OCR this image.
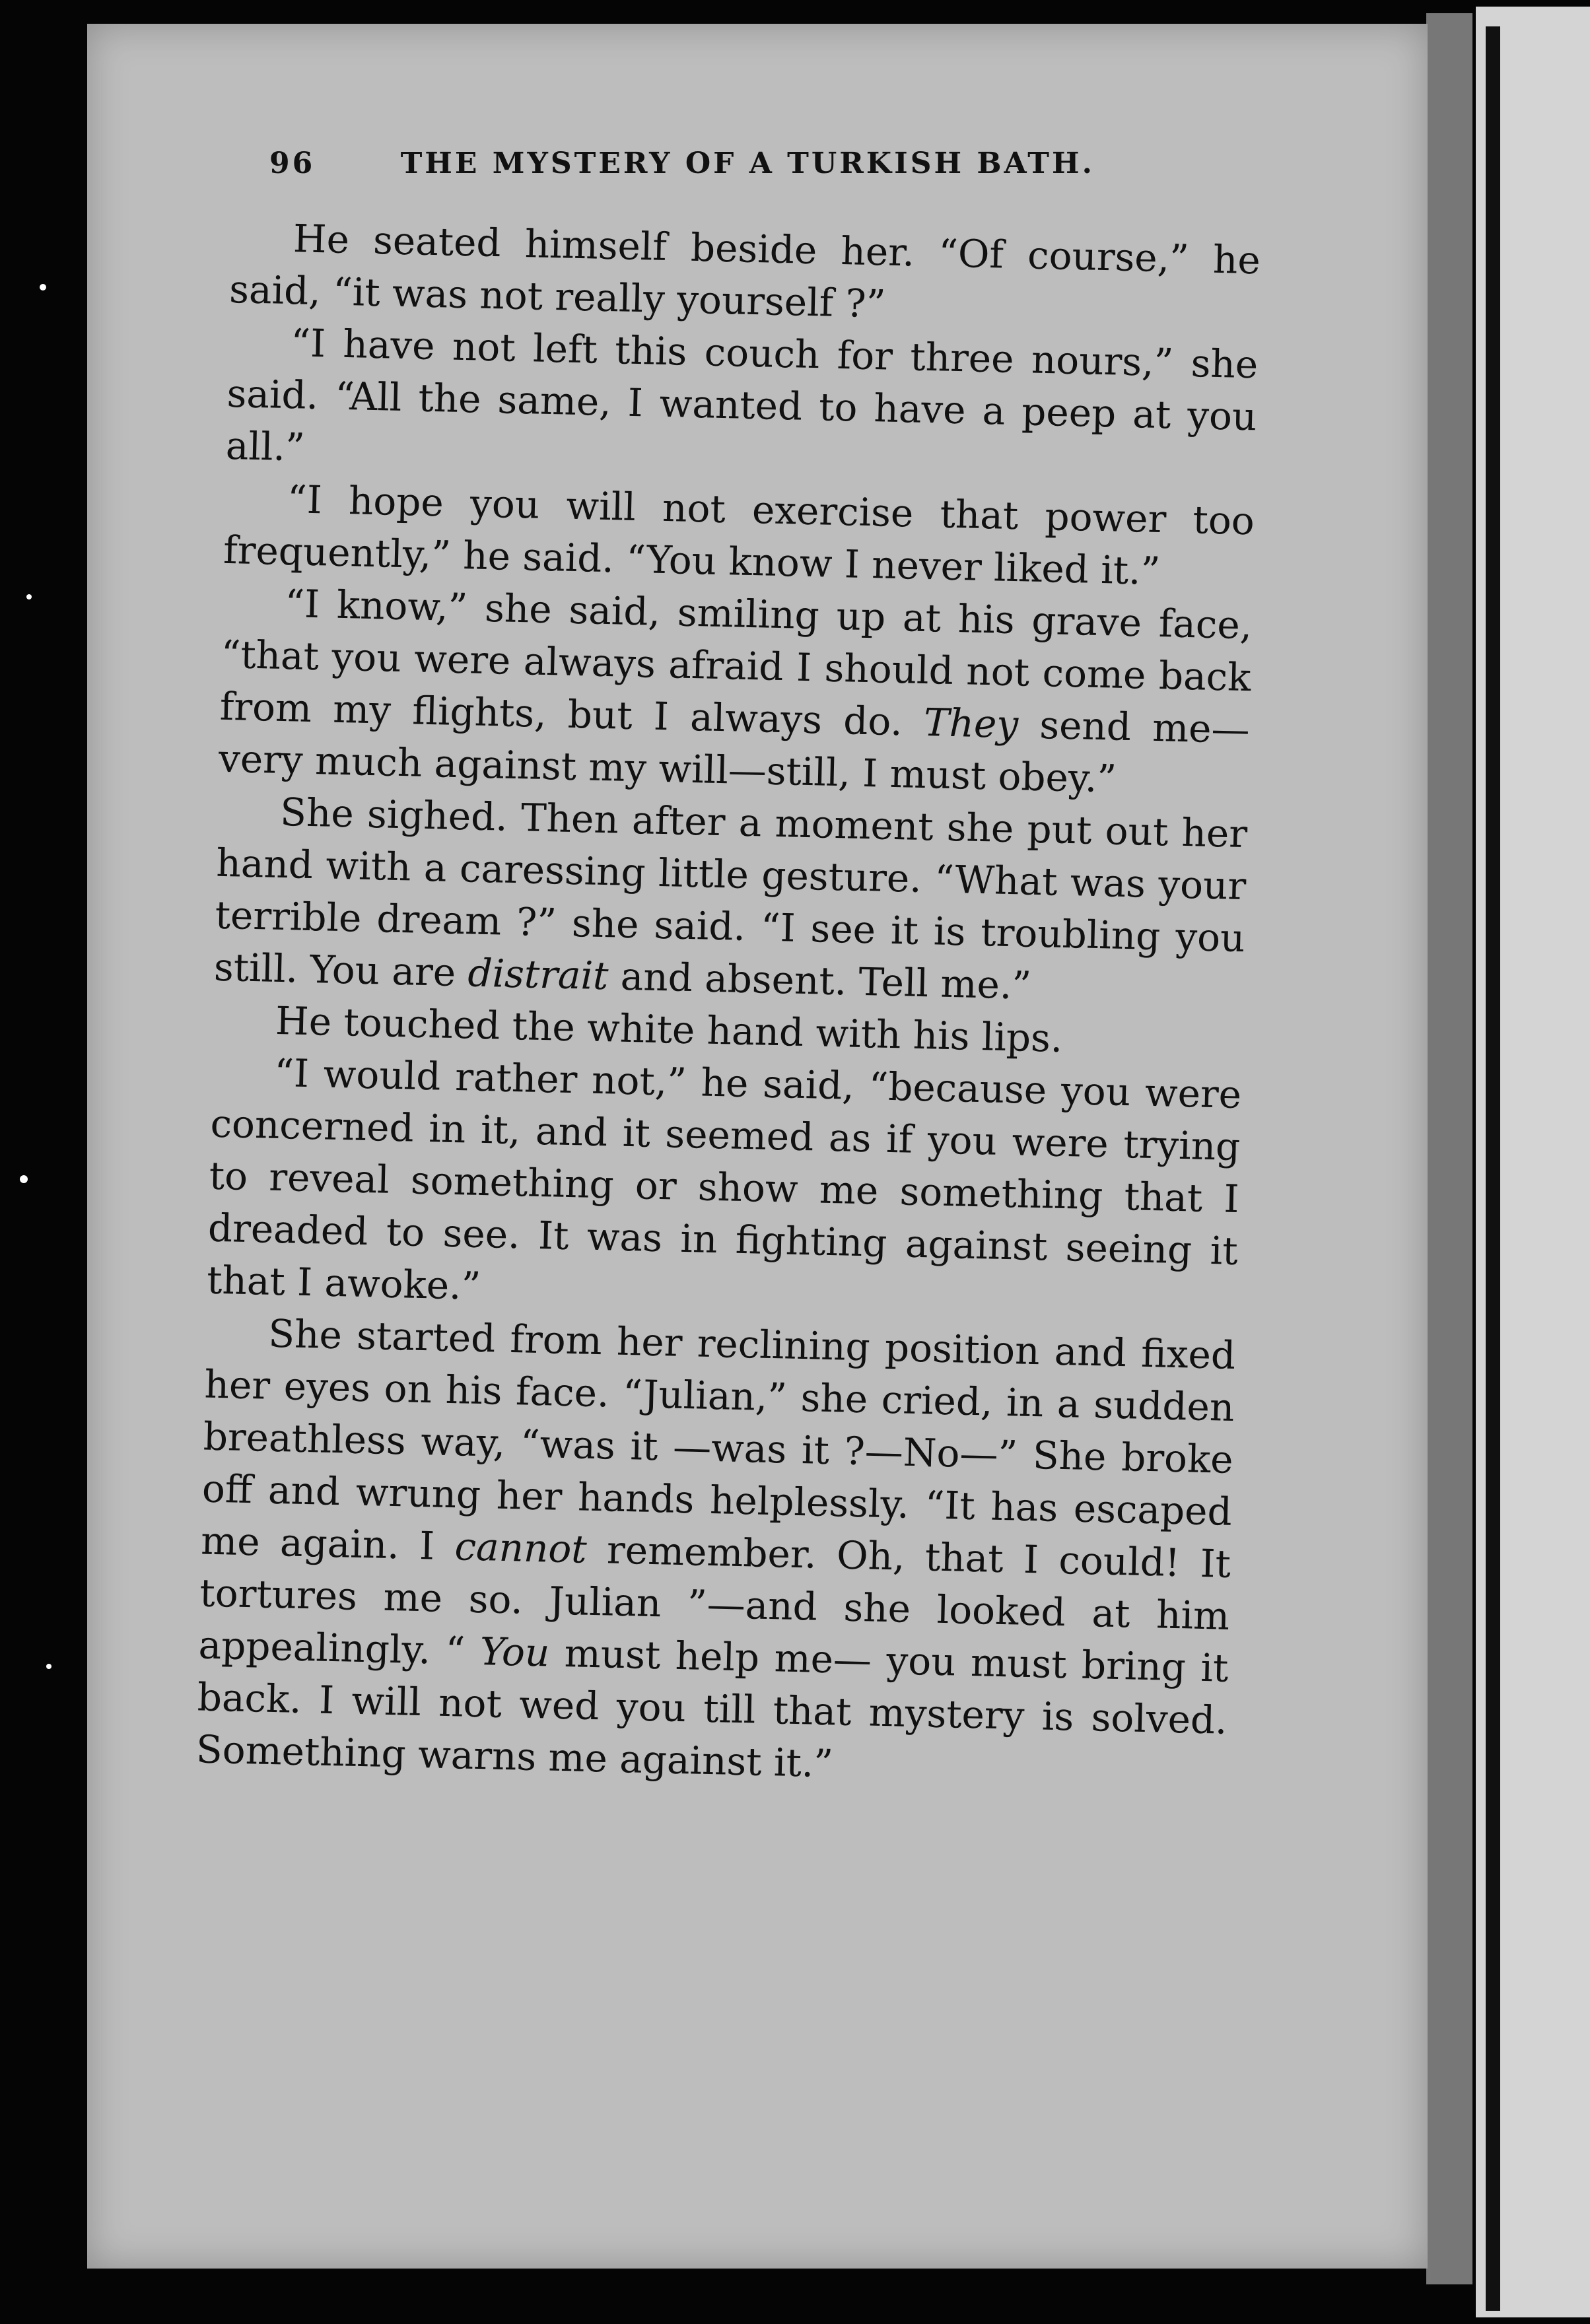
96	THE MYSTERY OF A TURKISH BATH.

He seated himself beside her. “Of course,” he said, “it was not really yourself ?”

“I have not left this couch for three nours,” she said. “All the same, I wanted to have a peep at you all.”

“I hope you will not exercise that power too frequently,” he said. “You know I never liked it.”

“I know,” she said, smiling up at his grave face, “that you were always afraid I should not come back from my flights, but I always do. They send me—very much against my will—still, I must obey.”

She sighed. Then after a moment she put out her hand with a caressing little gesture. “What was your terrible dream ?” she said. “I see it is troubling you still. You are distrait and absent. Tell me.”

He touched the white hand with his lips.

“I would rather not,” he said, “because you were concerned in it, and it seemed as if you were trying to reveal something or show me something that I dreaded to see. It was in fighting against seeing it that I awoke.”

She started from her reclining position and fixed her eyes on his face. “Julian,” she cried, in a sudden breathless way, “was it —was it ?—No—” She broke off and wrung her hands helplessly. “It has escaped me again. I cannot remember. Oh, that I could! It tortures me so. Julian ”—and she looked at him appealingly. “ You must help me— you must bring it back. I will not wed you till that mystery is solved. Something warns me against it.”
